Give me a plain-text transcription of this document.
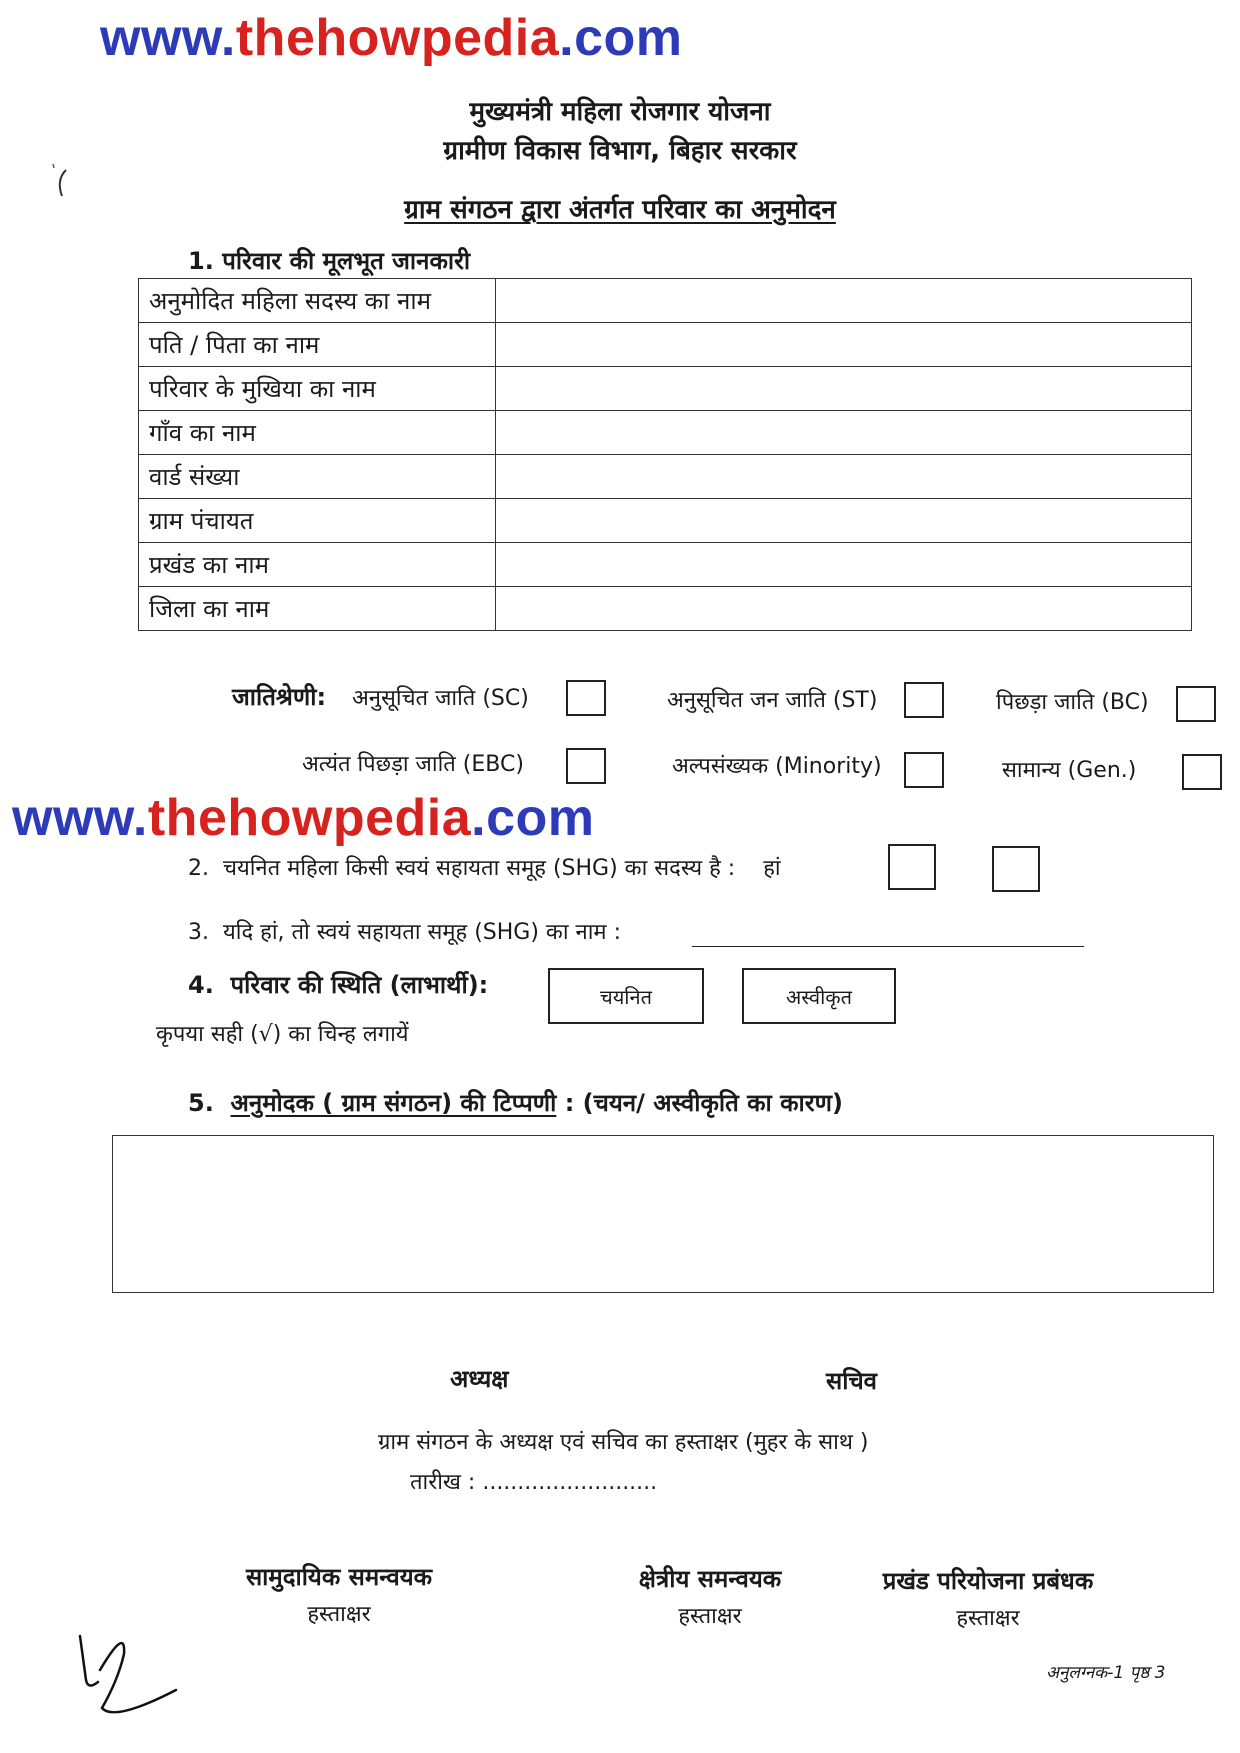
www.thehowpedia.com
मुख्यमंत्री महिला रोजगार योजना
ग्रामीण विकास विभाग, बिहार सरकार
ग्राम संगठन द्वारा अंतर्गत परिवार का अनुमोदन
1. परिवार की मूलभूत जानकारी
अनुमोदित महिला सदस्य का नाम	
पति / पिता का नाम	
परिवार के मुखिया का नाम	
गाँव का नाम	
वार्ड संख्या	
ग्राम पंचायत	
प्रखंड का नाम	
जिला का नाम	
जातिश्रेणी: अनुसूचित जाति (SC)	अनुसूचित जन जाति (ST)	पिछड़ा जाति (BC)
अत्यंत पिछड़ा जाति (EBC)	अल्पसंख्यक (Minority)	सामान्य (Gen.)
www.thehowpedia.com
2. चयनित महिला किसी स्वयं सहायता समूह (SHG) का सदस्य है : हां
3. यदि हां, तो स्वयं सहायता समूह (SHG) का नाम :
4. परिवार की स्थिति (लाभार्थी):	चयनित	अस्वीकृत
कृपया सही (√) का चिन्ह लगायें
5. अनुमोदक ( ग्राम संगठन) की टिप्पणी : (चयन/ अस्वीकृति का कारण)
अध्यक्ष	सचिव
ग्राम संगठन के अध्यक्ष एवं सचिव का हस्ताक्षर (मुहर के साथ )
तारीख : .........................
सामुदायिक समन्वयक
हस्ताक्षर
क्षेत्रीय समन्वयक
हस्ताक्षर
प्रखंड परियोजना प्रबंधक
हस्ताक्षर
अनुलग्नक-1 पृष्ठ 3
